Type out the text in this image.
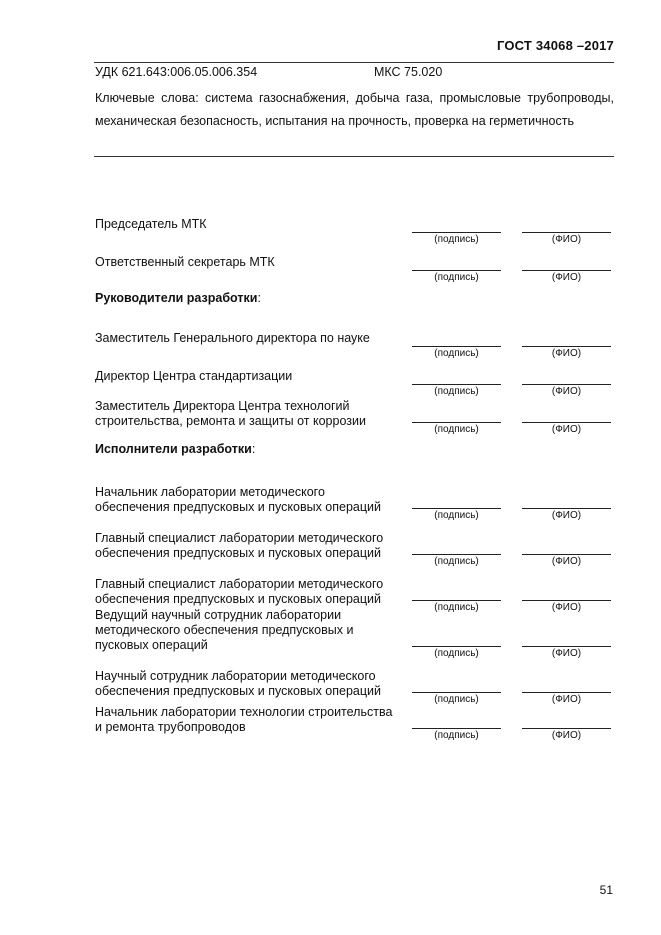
ГОСТ 34068 –2017
УДК 621.643:006.05.006.354	МКС 75.020
Ключевые слова: система газоснабжения, добыча газа, промысловые трубопроводы, механическая безопасность, испытания на прочность, проверка на герметичность
Председатель МТК
(подпись)	(ФИО)
Ответственный секретарь МТК
(подпись)	(ФИО)
Руководители разработки:
Заместитель Генерального директора по науке
(подпись)	(ФИО)
Директор Центра стандартизации
(подпись)	(ФИО)
Заместитель Директора Центра технологий строительства, ремонта и защиты от коррозии
(подпись)	(ФИО)
Исполнители разработки:
Начальник лаборатории методического обеспечения предпусковых и пусковых операций
(подпись)	(ФИО)
Главный специалист лаборатории методического обеспечения предпусковых и пусковых операций
(подпись)	(ФИО)
Главный специалист лаборатории методического обеспечения предпусковых и пусковых операций
(подпись)	(ФИО)
Ведущий научный сотрудник лаборатории методического обеспечения предпусковых и пусковых операций
(подпись)	(ФИО)
Научный сотрудник лаборатории методического обеспечения предпусковых и пусковых операций
(подпись)	(ФИО)
Начальник лаборатории технологии строительства и ремонта трубопроводов
(подпись)	(ФИО)
51
